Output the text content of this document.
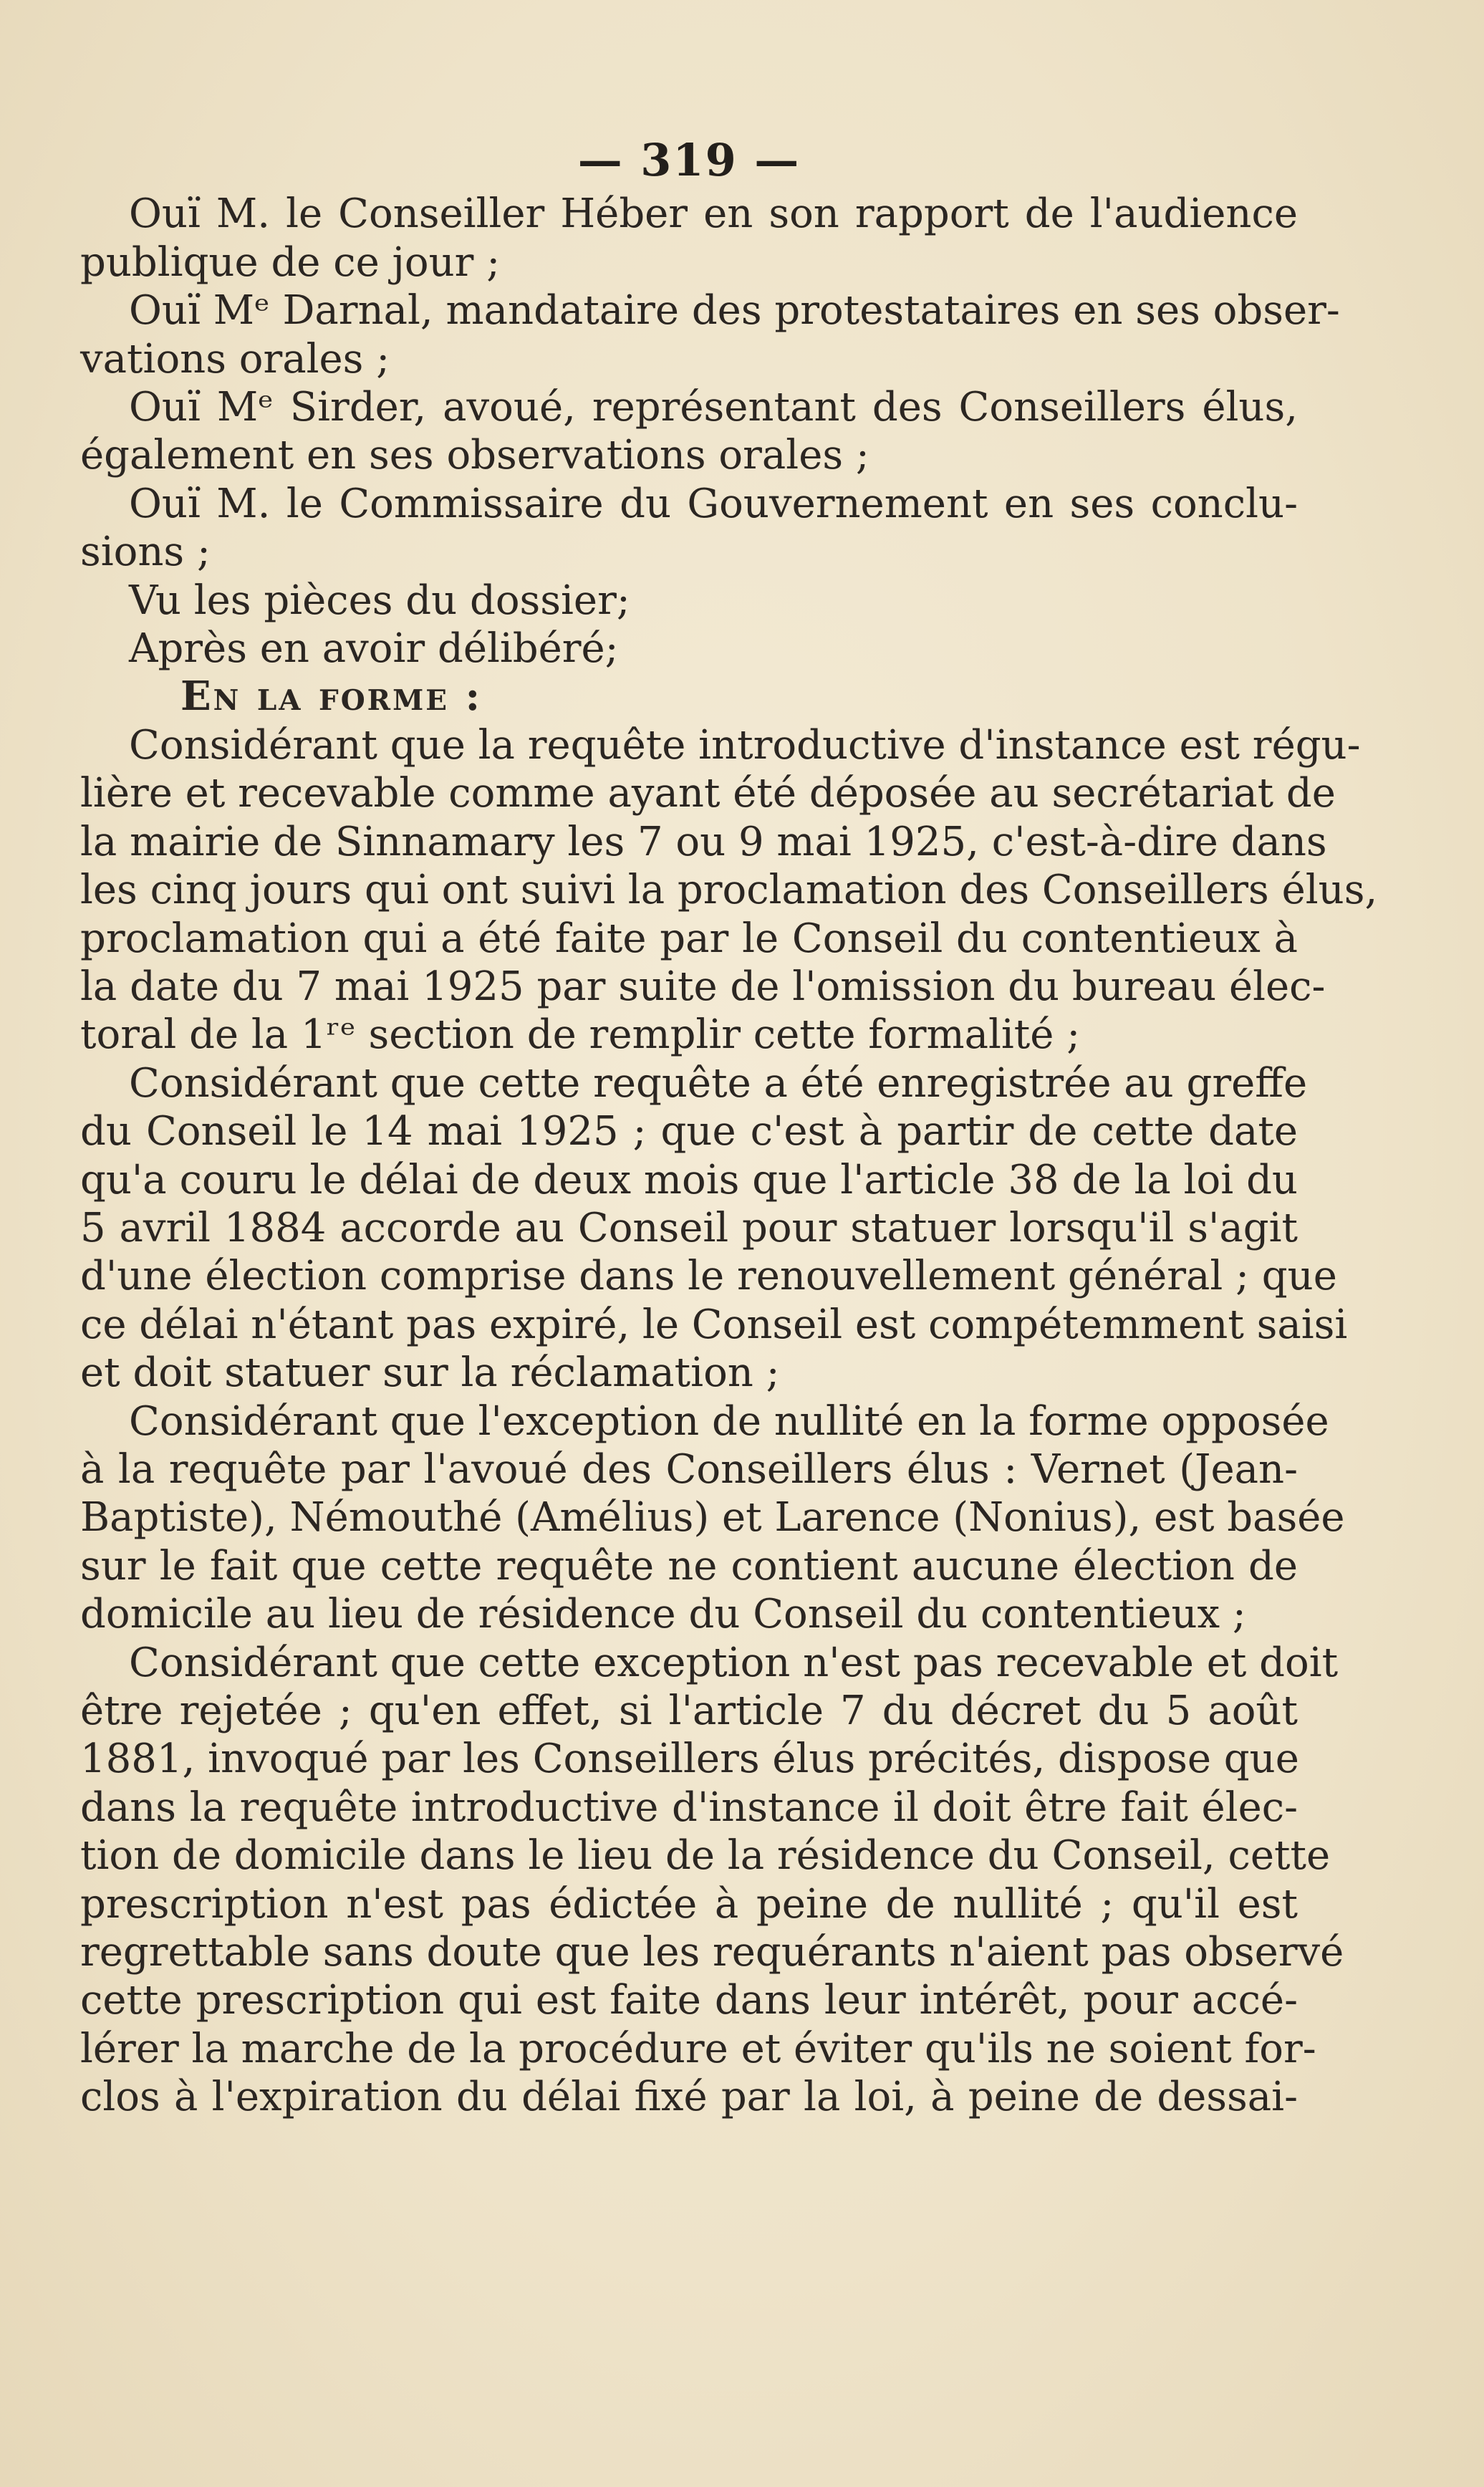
— 319 —
Ouï M. le Conseiller Héber en son rapport de l'audience
publique de ce jour ;
Ouï Mᵉ Darnal, mandataire des protestataires en ses obser-
vations orales ;
Ouï Mᵉ Sirder, avoué, représentant des Conseillers élus,
également en ses observations orales ;
Ouï M. le Commissaire du Gouvernement en ses conclu-
sions ;
Vu les pièces du dossier;
Après en avoir délibéré;
En la forme :
Considérant que la requête introductive d'instance est régu-
lière et recevable comme ayant été déposée au secrétariat de
la mairie de Sinnamary les 7 ou 9 mai 1925, c'est-à-dire dans
les cinq jours qui ont suivi la proclamation des Conseillers élus,
proclamation qui a été faite par le Conseil du contentieux à
la date du 7 mai 1925 par suite de l'omission du bureau élec-
toral de la 1ʳᵉ section de remplir cette formalité ;
Considérant que cette requête a été enregistrée au greffe
du Conseil le 14 mai 1925 ; que c'est à partir de cette date
qu'a couru le délai de deux mois que l'article 38 de la loi du
5 avril 1884 accorde au Conseil pour statuer lorsqu'il s'agit
d'une élection comprise dans le renouvellement général ; que
ce délai n'étant pas expiré, le Conseil est compétemment saisi
et doit statuer sur la réclamation ;
Considérant que l'exception de nullité en la forme opposée
à la requête par l'avoué des Conseillers élus : Vernet (Jean-
Baptiste), Némouthé (Amélius) et Larence (Nonius), est basée
sur le fait que cette requête ne contient aucune élection de
domicile au lieu de résidence du Conseil du contentieux ;
Considérant que cette exception n'est pas recevable et doit
être rejetée ; qu'en effet, si l'article 7 du décret du 5 août
1881, invoqué par les Conseillers élus précités, dispose que
dans la requête introductive d'instance il doit être fait élec-
tion de domicile dans le lieu de la résidence du Conseil, cette
prescription n'est pas édictée à peine de nullité ; qu'il est
regrettable sans doute que les requérants n'aient pas observé
cette prescription qui est faite dans leur intérêt, pour accé-
lérer la marche de la procédure et éviter qu'ils ne soient for-
clos à l'expiration du délai fixé par la loi, à peine de dessai-
